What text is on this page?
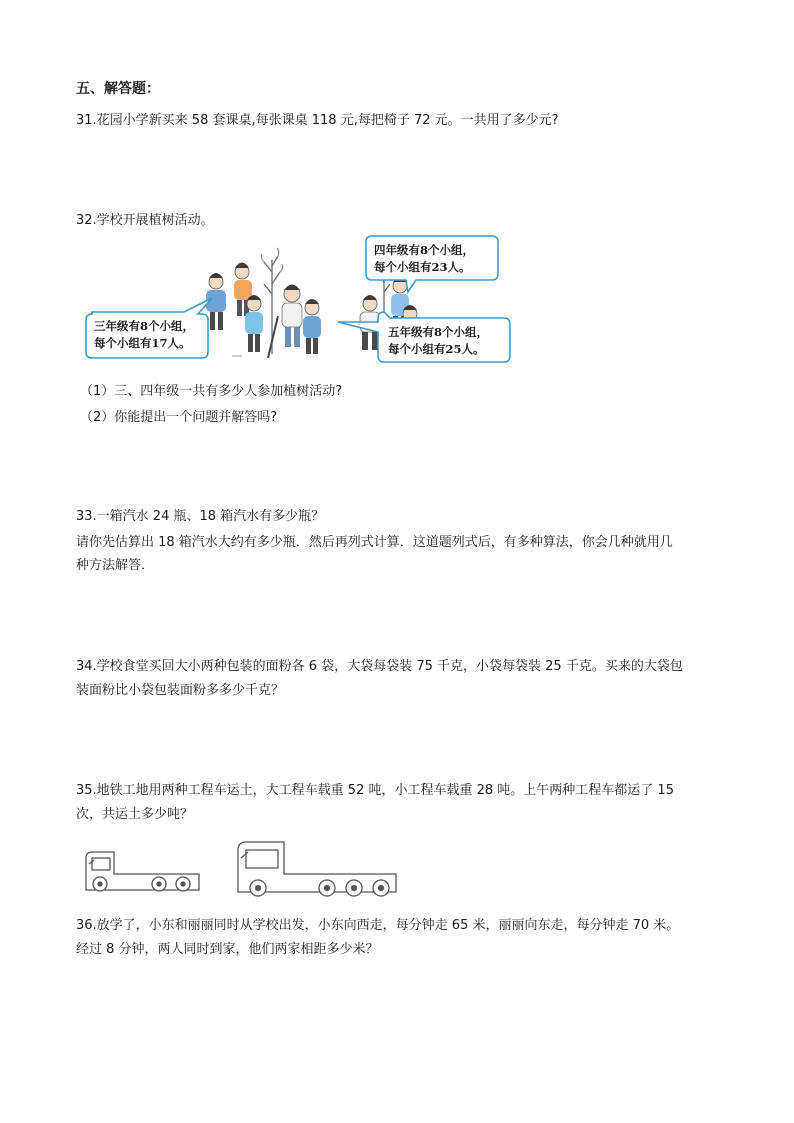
五、解答题：
31.花园小学新买来 58 套课桌,每张课桌 118 元,每把椅子 72 元。一共用了多少元?
32.学校开展植树活动。
三年级有8个小组，
每个小组有17人。
四年级有8个小组，
每个小组有23人。
五年级有8个小组，
每个小组有25人。
（1）三、四年级一共有多少人参加植树活动?
（2）你能提出一个问题并解答吗?
33.一箱汽水 24 瓶、18 箱汽水有多少瓶？
请你先估算出 18 箱汽水大约有多少瓶．然后再列式计算．这道题列式后，有多种算法，你会几种就用几
种方法解答．
34.学校食堂买回大小两种包装的面粉各 6 袋，大袋每袋装 75 千克，小袋每袋装 25 千克。买来的大袋包
装面粉比小袋包装面粉多多少千克？
35.地铁工地用两种工程车运土，大工程车载重 52 吨，小工程车载重 28 吨。上午两种工程车都运了 15
次，共运土多少吨？
36.放学了，小东和丽丽同时从学校出发，小东向西走，每分钟走 65 米，丽丽向东走，每分钟走 70 米。
经过 8 分钟，两人同时到家，他们两家相距多少米？
